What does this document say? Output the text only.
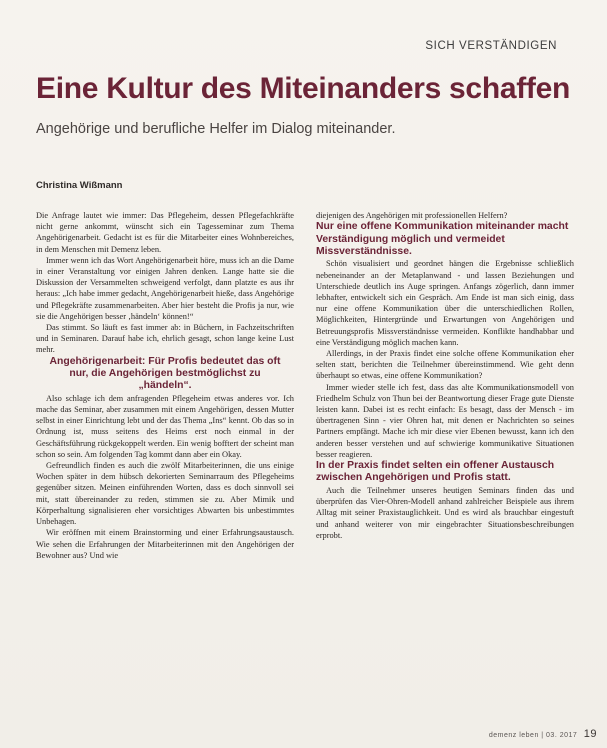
SICH VERSTÄNDIGEN
Eine Kultur des Miteinanders schaffen
Angehörige und berufliche Helfer im Dialog miteinander.
Christina Wißmann

Die Anfrage lautet wie immer: Das Pflegeheim, dessen Pflegefachkräfte nicht gerne ankommt, wünscht sich ein Tagesseminar zum Thema Angehörigenarbeit. Gedacht ist es für die Mitarbeiter eines Wohnbereiches, in dem Menschen mit Demenz leben.

Immer wenn ich das Wort Angehörigenarbeit höre, muss ich an die Dame in einer Veranstaltung vor einigen Jahren denken. Lange hatte sie die Diskussion der Versammelten schweigend verfolgt, dann platzte es aus ihr heraus: „Ich habe immer gedacht, Angehörigenarbeit hieße, dass Angehörige und Pflegekräfte zusammenarbeiten. Aber hier besteht die Profis ja nur, wie sie die Angehörigen besser ‚händeln‘ können!“

Das stimmt. So läuft es fast immer ab: in Büchern, in Fachzeitschriften und in Seminaren. Darauf habe ich, ehrlich gesagt, schon lange keine Lust mehr.

Angehörigenarbeit: Für Profis bedeutet das oft nur, die Angehörigen bestmöglichst zu „händeln“.

Also schlage ich dem anfragenden Pflegeheim etwas anderes vor. Ich mache das Seminar, aber zusammen mit einem Angehörigen, dessen Mutter selbst in einer Einrichtung lebt und der das Thema „Ins“ kennt. Ob das so in Ordnung ist, muss seitens des Heims erst noch einmal in der Geschäftsführung rückgekoppelt werden. Ein wenig bofftert der scheint man schon so sein. Am folgenden Tag kommt dann aber ein Okay.

Gefreundlich finden es auch die zwölf Mitarbeiterinnen, die uns einige Wochen später in dem hübsch dekorierten Seminarraum des Pflegeheims gegenüber sitzen. Meinen einführenden Worten, dass es doch sinnvoll sei mit, statt übereinander zu reden, stimmen sie zu. Aber Mimik und Körperhaltung signalisieren eher vorsichtiges Abwarten bis unbestimmtes Unbehagen.

Wir eröffnen mit einem Brainstorming und einer Erfahrungsaustausch. Wie sehen die Erfahrungen der Mitarbeiterinnen mit den Angehörigen der Bewohner aus? Und wie

diejenigen des Angehörigen mit professionellen Helfern?

Nur eine offene Kommunikation miteinander macht Verständigung möglich und vermeidet Missverständnisse.

Schön visualisiert und geordnet hängen die Ergebnisse schließlich nebeneinander an der Metaplanwand - und lassen Beziehungen und Unterschiede deutlich ins Auge springen. Anfangs zögerlich, dann immer lebhafter, entwickelt sich ein Gespräch. Am Ende ist man sich einig, dass nur eine offene Kommunikation über die unterschiedlichen Rollen, Möglichkeiten, Hintergründe und Erwartungen von Angehörigen und Betreuungsprofis Missverständnisse vermeiden. Konflikte handhabbar und eine Verständigung möglich machen kann.

Allerdings, in der Praxis findet eine solche offene Kommunikation eher selten statt, berichten die Teilnehmer übereinstimmend. Wie geht denn überhaupt so etwas, eine offene Kommunikation?

Immer wieder stelle ich fest, dass das alte Kommunikationsmodell von Friedhelm Schulz von Thun bei der Beantwortung dieser Frage gute Dienste leisten kann. Dabei ist es recht einfach: Es besagt, dass der Mensch - im übertragenen Sinn - vier Ohren hat, mit denen er Nachrichten so seines Partners empfängt. Mache ich mir diese vier Ebenen bewusst, kann ich den anderen besser verstehen und auf schwierige kommunikative Situationen besser reagieren.

In der Praxis findet selten ein offener Austausch zwischen Angehörigen und Profis statt.

Auch die Teilnehmer unseres heutigen Seminars finden das und überprüfen das Vier-Ohren-Modell anhand zahlreicher Beispiele aus ihrem Alltag mit seiner Praxistauglichkeit. Und es wird als brauchbar eingestuft und anhand weiterer von mir eingebrachter Situationsbeschreibungen erprobt.

demenz leben | 03. 2017 19
